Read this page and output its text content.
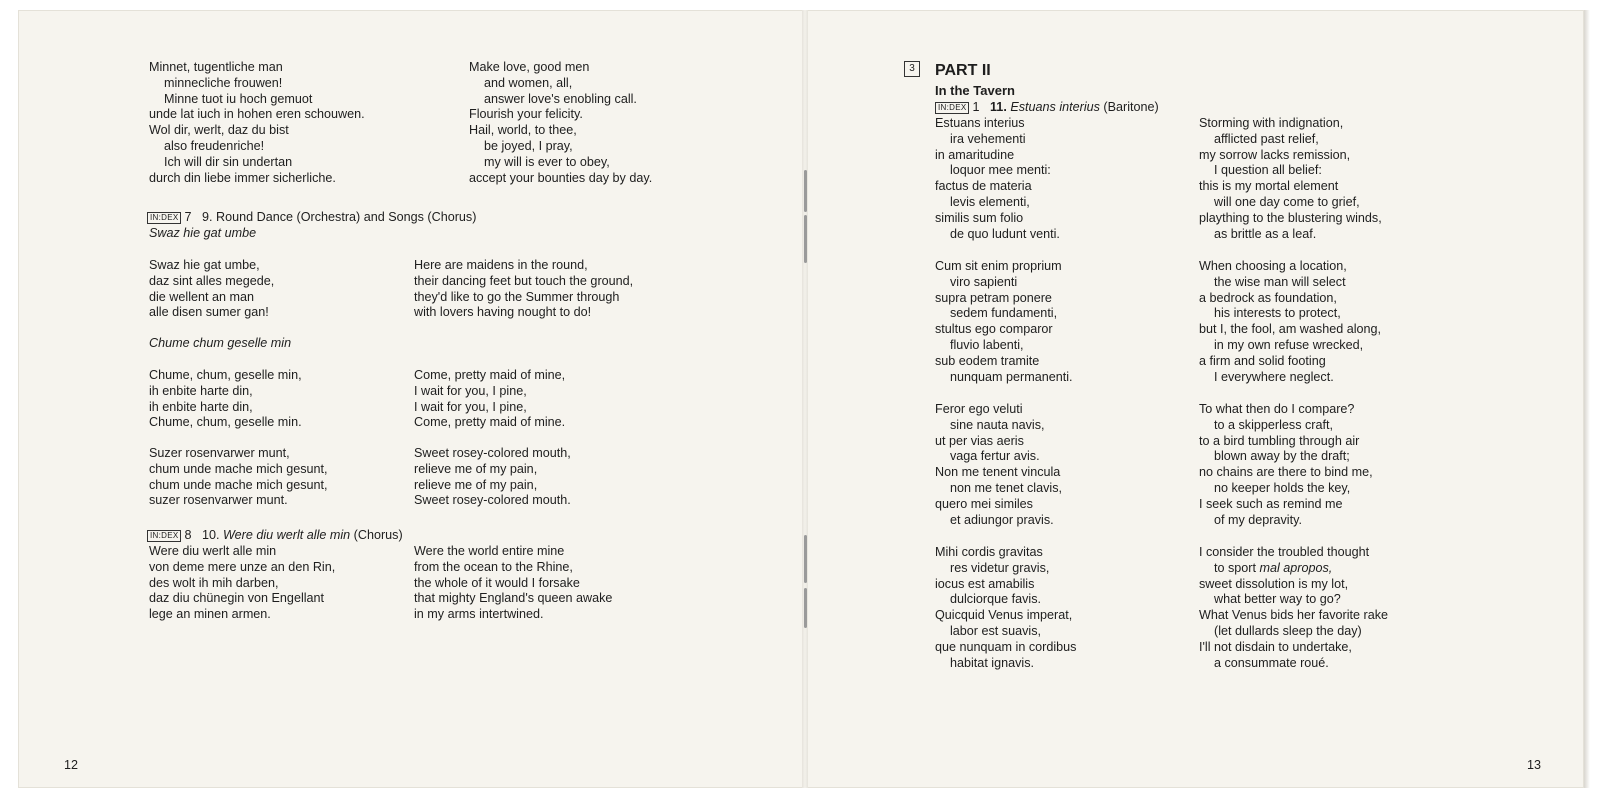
Minnet, tugentliche man
minnecliche frouwen!
Minne tuot iu hoch gemuot
unde lat iuch in hohen eren schouwen.
Wol dir, werlt, daz du bist
also freudenriche!
Ich will dir sin undertan
durch din liebe immer sicherliche.
Make love, good men
and women, all,
answer love's enobling call.
Flourish your felicity.
Hail, world, to thee,
be joyed, I pray,
my will is ever to obey,
accept your bounties day by day.
IN:DEX 7 9. Round Dance (Orchestra) and Songs (Chorus)
Swaz hie gat umbe
Swaz hie gat umbe,
daz sint alles megede,
die wellent an man
alle disen sumer gan!
Here are maidens in the round,
their dancing feet but touch the ground,
they'd like to go the Summer through
with lovers having nought to do!
Chume chum geselle min
Chume, chum, geselle min,
ih enbite harte din,
ih enbite harte din,
Chume, chum, geselle min.
Come, pretty maid of mine,
I wait for you, I pine,
I wait for you, I pine,
Come, pretty maid of mine.
Suzer rosenvarwer munt,
chum unde mache mich gesunt,
chum unde mache mich gesunt,
suzer rosenvarwer munt.
Sweet rosey-colored mouth,
relieve me of my pain,
relieve me of my pain,
Sweet rosey-colored mouth.
IN:DEX 8 10. Were diu werlt alle min (Chorus)
Were diu werlt alle min
von deme mere unze an den Rin,
des wolt ih mih darben,
daz diu chünegin von Engellant
lege an minen armen.
Were the world entire mine
from the ocean to the Rhine,
the whole of it would I forsake
that mighty England's queen awake
in my arms intertwined.
12
3	PART II
In the Tavern
IN:DEX 1 11. Estuans interius (Baritone)
Estuans interius
ira vehementi
in amaritudine
loquor mee menti:
factus de materia
levis elementi,
similis sum folio
de quo ludunt venti.
Cum sit enim proprium
viro sapienti
supra petram ponere
sedem fundamenti,
stultus ego comparor
fluvio labenti,
sub eodem tramite
nunquam permanenti.
Feror ego veluti
sine nauta navis,
ut per vias aeris
vaga fertur avis.
Non me tenent vincula
non me tenet clavis,
quero mei similes
et adiungor pravis.
Mihi cordis gravitas
res videtur gravis,
iocus est amabilis
dulciorque favis.
Quicquid Venus imperat,
labor est suavis,
que nunquam in cordibus
habitat ignavis.
Storming with indignation,
afflicted past relief,
my sorrow lacks remission,
I question all belief:
this is my mortal element
will one day come to grief,
plaything to the blustering winds,
as brittle as a leaf.
When choosing a location,
the wise man will select
a bedrock as foundation,
his interests to protect,
but I, the fool, am washed along,
in my own refuse wrecked,
a firm and solid footing
I everywhere neglect.
To what then do I compare?
to a skipperless craft,
to a bird tumbling through air
blown away by the draft;
no chains are there to bind me,
no keeper holds the key,
I seek such as remind me
of my depravity.
I consider the troubled thought
to sport mal apropos,
sweet dissolution is my lot,
what better way to go?
What Venus bids her favorite rake
(let dullards sleep the day)
I'll not disdain to undertake,
a consummate roué.
13
